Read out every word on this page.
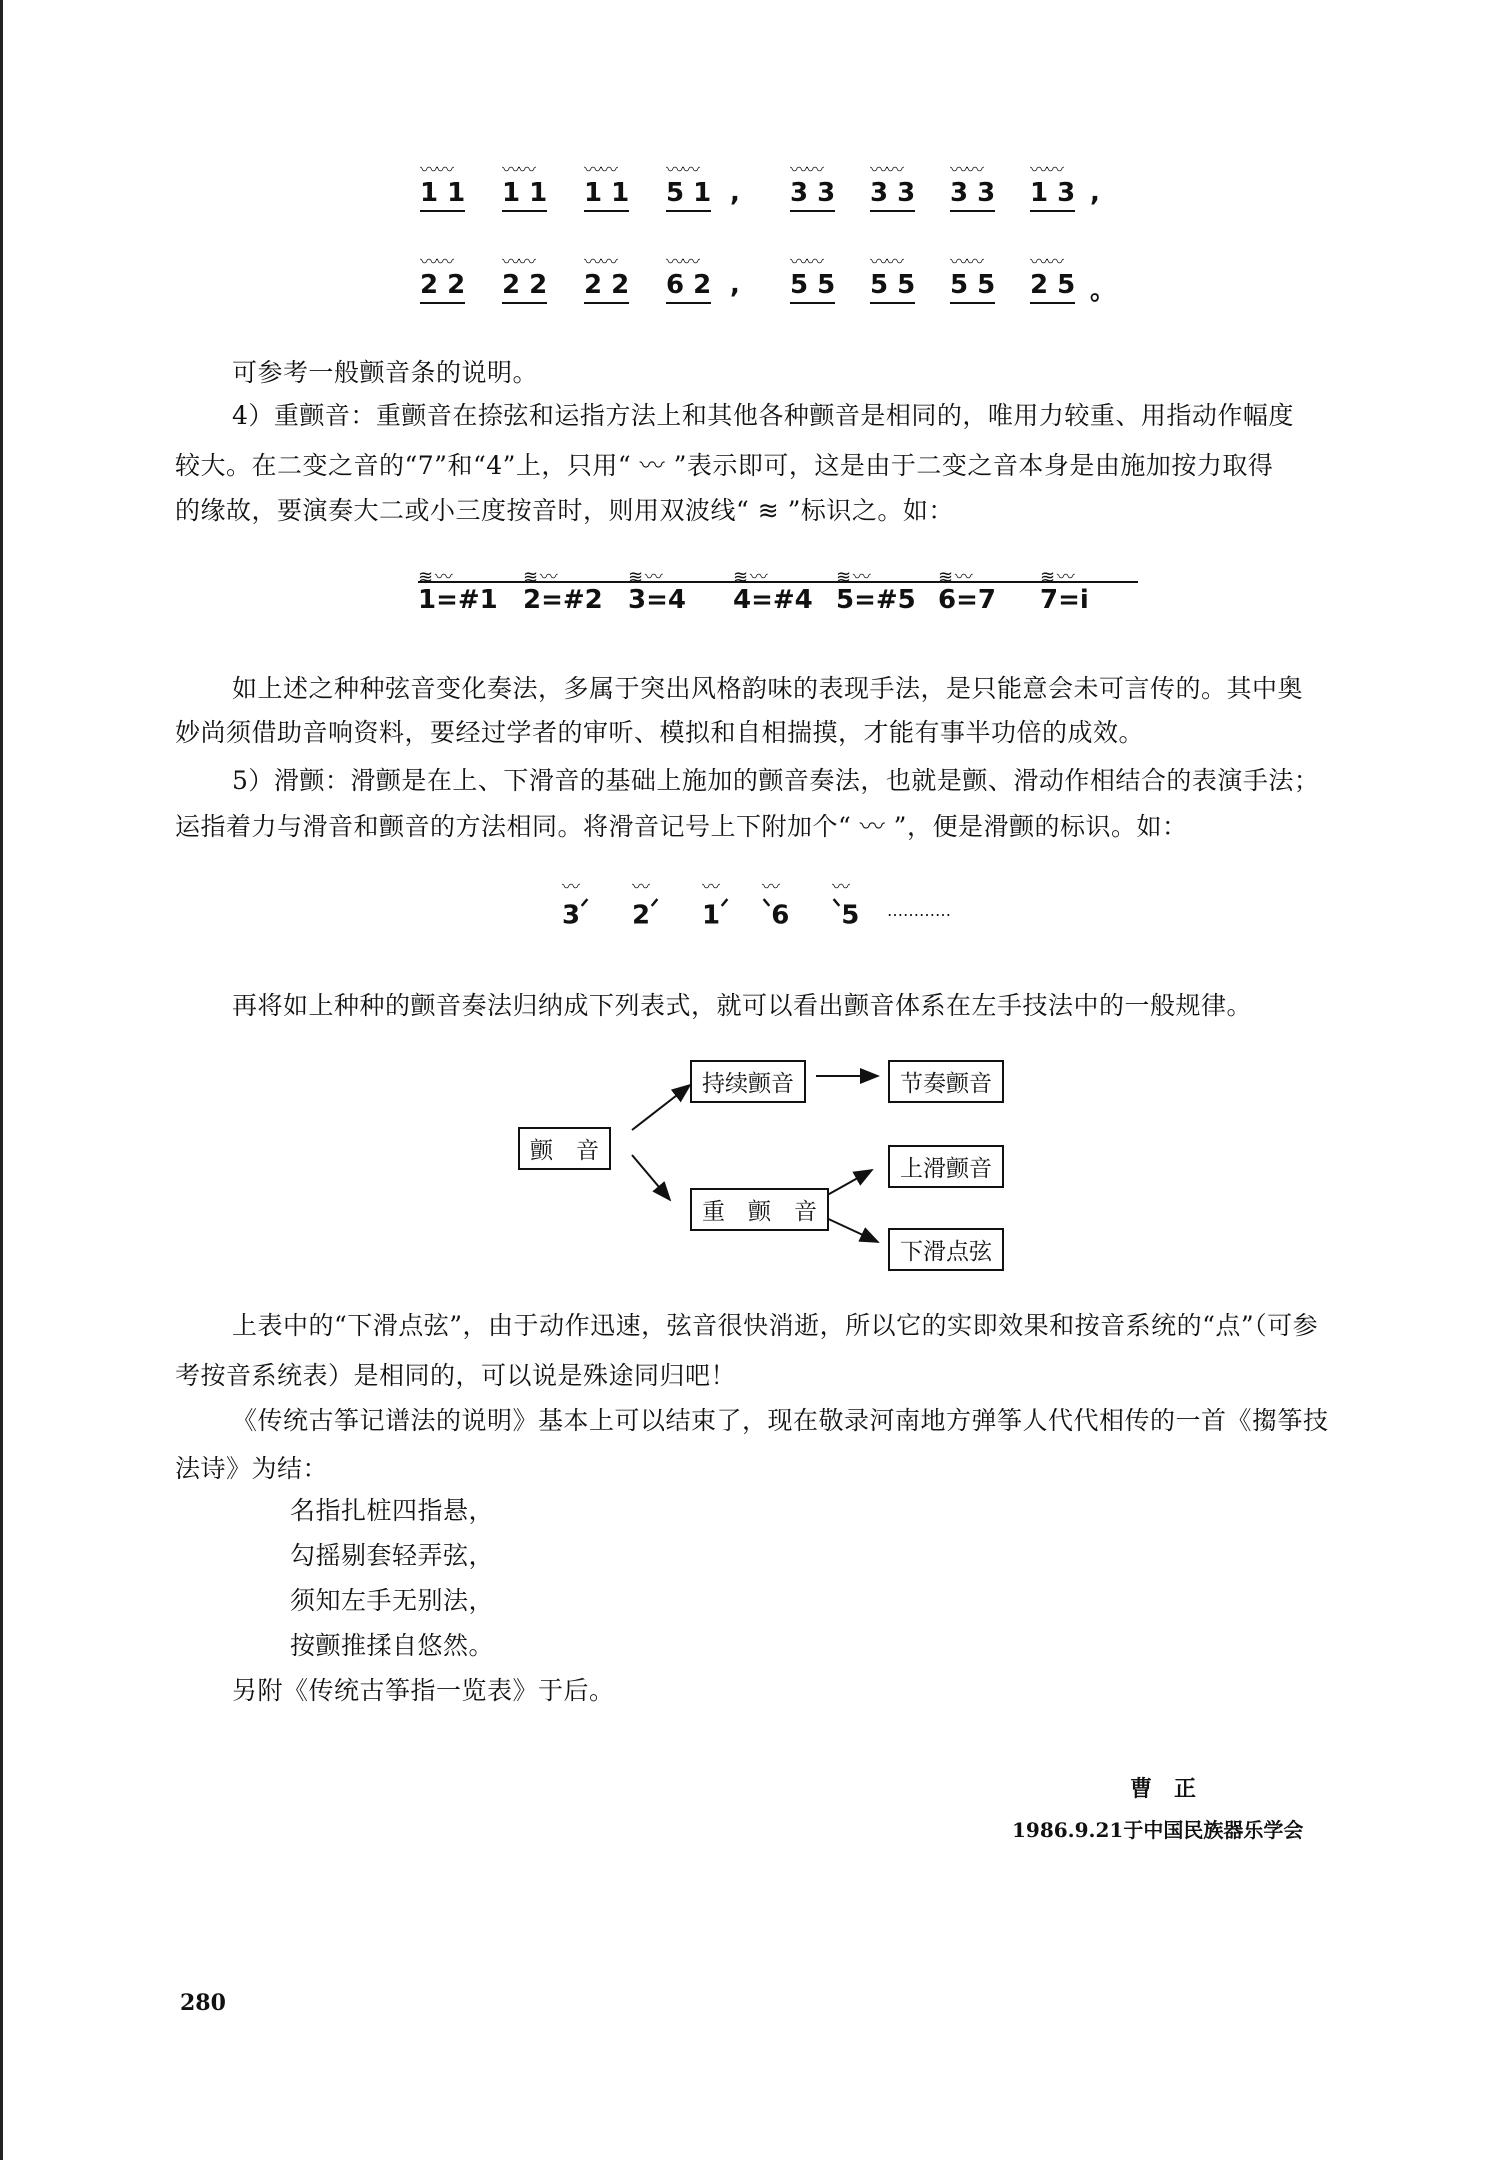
〰〰
1 1
〰〰
1 1
〰〰
1 1
〰〰
5 1 ,
〰〰
3 3
〰〰
3 3
〰〰
3 3
〰〰
1 3 ,
〰〰
2 2
〰〰
2 2
〰〰
2 2
〰〰
6 2 ,
〰〰
5 5
〰〰
5 5
〰〰
5 5
〰〰
2 5 。
可参考一般颤音条的说明。
4）重颤音：重颤音在捺弦和运指方法上和其他各种颤音是相同的，唯用力较重、用指动作幅度
较大。在二变之音的“7”和“4”上，只用“ 〰 ”表示即可，这是由于二变之音本身是由施加按力取得
的缘故，要演奏大二或小三度按音时，则用双波线“ ≋ ”标识之。如：
≋ 〰
1=#1
≋ 〰
2=#2
≋ 〰
3=4
≋ 〰
4=#4
≋ 〰
5=#5
≋ 〰
6=7
≋ 〰
7=i
如上述之种种弦音变化奏法，多属于突出风格韵味的表现手法，是只能意会未可言传的。其中奥
妙尚须借助音响资料，要经过学者的审听、模拟和自相揣摸，才能有事半功倍的成效。
5）滑颤：滑颤是在上、下滑音的基础上施加的颤音奏法，也就是颤、滑动作相结合的表演手法；
运指着力与滑音和颤音的方法相同。将滑音记号上下附加个“ 〰 ”，便是滑颤的标识。如：
〰
$3^ᐟ$
〰
$2^ᐟ$
〰
$1^ᐟ$
〰
$^ᐠ$6
〰
$^ᐠ$5 …………
再将如上种种的颤音奏法归纳成下列表式，就可以看出颤音体系在左手技法中的一般规律。
颤　音
持续颤音	节奏颤音
重　颤　音
上滑颤音
下滑点弦
上表中的“下滑点弦”，由于动作迅速，弦音很快消逝，所以它的实即效果和按音系统的“点”（可参
考按音系统表）是相同的，可以说是殊途同归吧！
《传统古筝记谱法的说明》基本上可以结束了，现在敬录河南地方弹筝人代代相传的一首《搊筝技
法诗》为结：
名指扎桩四指悬，
勾摇剔套轻弄弦，
须知左手无别法，
按颤推揉自悠然。
另附《传统古筝指一览表》于后。
曹　正
1986.9.21于中国民族器乐学会
280
